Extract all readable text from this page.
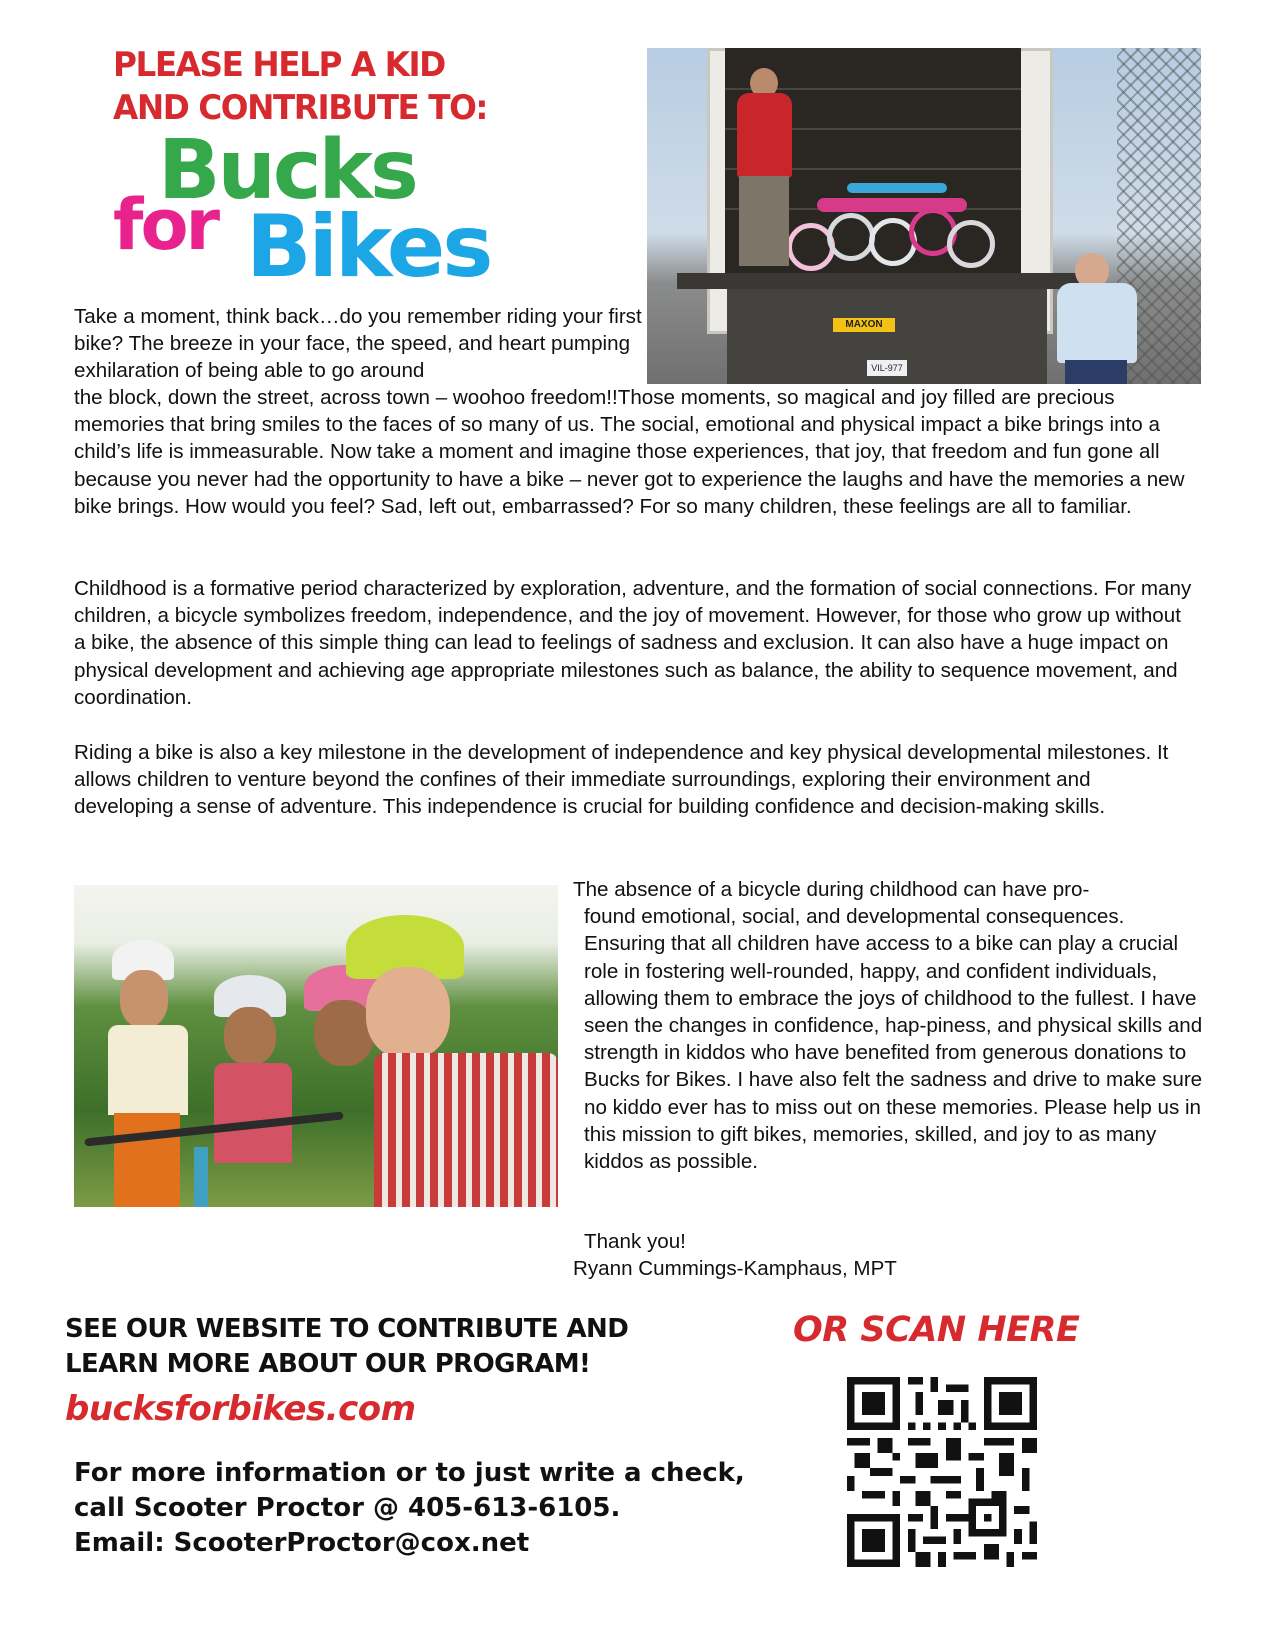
PLEASE HELP A KID
AND CONTRIBUTE TO:
Bucks
for Bikes
MAXON
VIL-977

Take a moment, think back…do you remember riding your first bike? The breeze in your face, the speed, and heart pumping exhilaration of being able to go around

the block, down the street, across town – woohoo freedom!!Those moments, so magical and joy filled are precious memories that bring smiles to the faces of so many of us. The social, emotional and physical impact a bike brings into a child’s life is immeasurable. Now take a moment and imagine those experiences, that joy, that freedom and fun gone all because you never had the opportunity to have a bike – never got to experience the laughs and have the memories a new bike brings. How would you feel? Sad, left out, embarrassed? For so many children, these feelings are all to familiar.

Childhood is a formative period characterized by exploration, adventure, and the formation of social connections. For many children, a bicycle symbolizes freedom, independence, and the joy of movement. However, for those who grow up without a bike, the absence of this simple thing can lead to feelings of sadness and exclusion. It can also have a huge impact on physical development and achieving age appropriate milestones such as balance, the ability to sequence movement, and coordination.

Riding a bike is also a key milestone in the development of independence and key physical developmental milestones. It allows children to venture beyond the confines of their immediate surroundings, exploring their environment and developing a sense of adventure. This independence is crucial for building confidence and decision-making skills.

The absence of a bicycle during childhood can have pro-
found emotional, social, and developmental consequences. Ensuring that all children have access to a bike can play a crucial role in fostering well-rounded, happy, and confident individuals, allowing them to embrace the joys of childhood to the fullest. I have seen the changes in confidence, hap-piness, and physical skills and strength in kiddos who have benefited from generous donations to Bucks for Bikes. I have also felt the sadness and drive to make sure no kiddo ever has to miss out on these memories. Please help us in this mission to gift bikes, memories, skilled, and joy to as many kiddos as possible.
Thank you!
Ryann Cummings-Kamphaus, MPT
SEE OUR WEBSITE TO CONTRIBUTE AND
LEARN MORE ABOUT OUR PROGRAM!
bucksforbikes.com
For more information or to just write a check,
call Scooter Proctor @ 405-613-6105.
Email: ScooterProctor@cox.net
OR SCAN HERE
